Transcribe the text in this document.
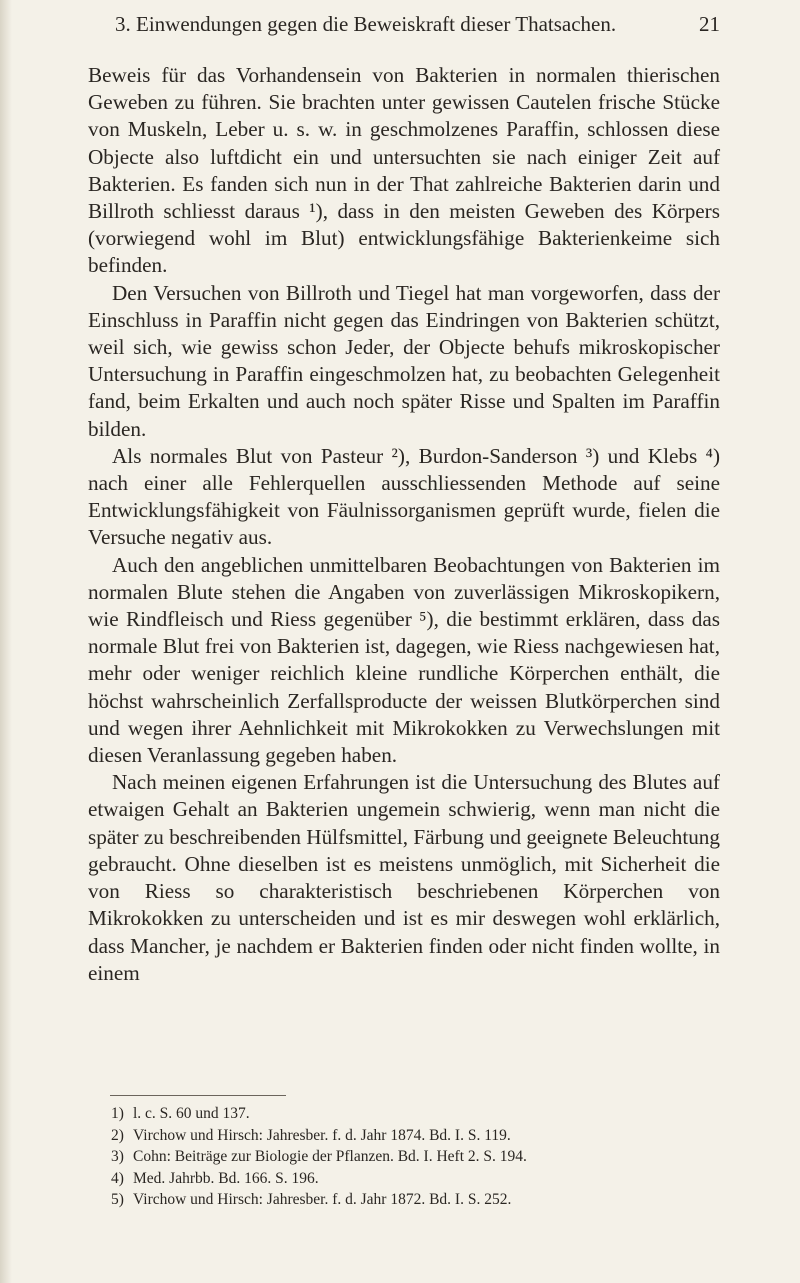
3. Einwendungen gegen die Beweiskraft dieser Thatsachen.	21

Beweis für das Vorhandensein von Bakterien in normalen thierischen Geweben zu führen. Sie brachten unter gewissen Cautelen frische Stücke von Muskeln, Leber u. s. w. in geschmolzenes Paraffin, schlossen diese Objecte also luftdicht ein und untersuchten sie nach einiger Zeit auf Bakterien. Es fanden sich nun in der That zahlreiche Bakterien darin und Billroth schliesst daraus ¹), dass in den meisten Geweben des Körpers (vorwiegend wohl im Blut) entwicklungsfähige Bakterienkeime sich befinden.

Den Versuchen von Billroth und Tiegel hat man vorgeworfen, dass der Einschluss in Paraffin nicht gegen das Eindringen von Bakterien schützt, weil sich, wie gewiss schon Jeder, der Objecte behufs mikroskopischer Untersuchung in Paraffin eingeschmolzen hat, zu beobachten Gelegenheit fand, beim Erkalten und auch noch später Risse und Spalten im Paraffin bilden.

Als normales Blut von Pasteur ²), Burdon-Sanderson ³) und Klebs ⁴) nach einer alle Fehlerquellen ausschliessenden Methode auf seine Entwicklungsfähigkeit von Fäulnissorganismen geprüft wurde, fielen die Versuche negativ aus.

Auch den angeblichen unmittelbaren Beobachtungen von Bakterien im normalen Blute stehen die Angaben von zuverlässigen Mikroskopikern, wie Rindfleisch und Riess gegenüber ⁵), die bestimmt erklären, dass das normale Blut frei von Bakterien ist, dagegen, wie Riess nachgewiesen hat, mehr oder weniger reichlich kleine rundliche Körperchen enthält, die höchst wahrscheinlich Zerfallsproducte der weissen Blutkörperchen sind und wegen ihrer Aehnlichkeit mit Mikrokokken zu Verwechslungen mit diesen Veranlassung gegeben haben.

Nach meinen eigenen Erfahrungen ist die Untersuchung des Blutes auf etwaigen Gehalt an Bakterien ungemein schwierig, wenn man nicht die später zu beschreibenden Hülfsmittel, Färbung und geeignete Beleuchtung gebraucht. Ohne dieselben ist es meistens unmöglich, mit Sicherheit die von Riess so charakteristisch beschriebenen Körperchen von Mikrokokken zu unterscheiden und ist es mir deswegen wohl erklärlich, dass Mancher, je nachdem er Bakterien finden oder nicht finden wollte, in einem

1) l. c. S. 60 und 137.
2) Virchow und Hirsch: Jahresber. f. d. Jahr 1874. Bd. I. S. 119.
3) Cohn: Beiträge zur Biologie der Pflanzen. Bd. I. Heft 2. S. 194.
4) Med. Jahrbb. Bd. 166. S. 196.
5) Virchow und Hirsch: Jahresber. f. d. Jahr 1872. Bd. I. S. 252.
